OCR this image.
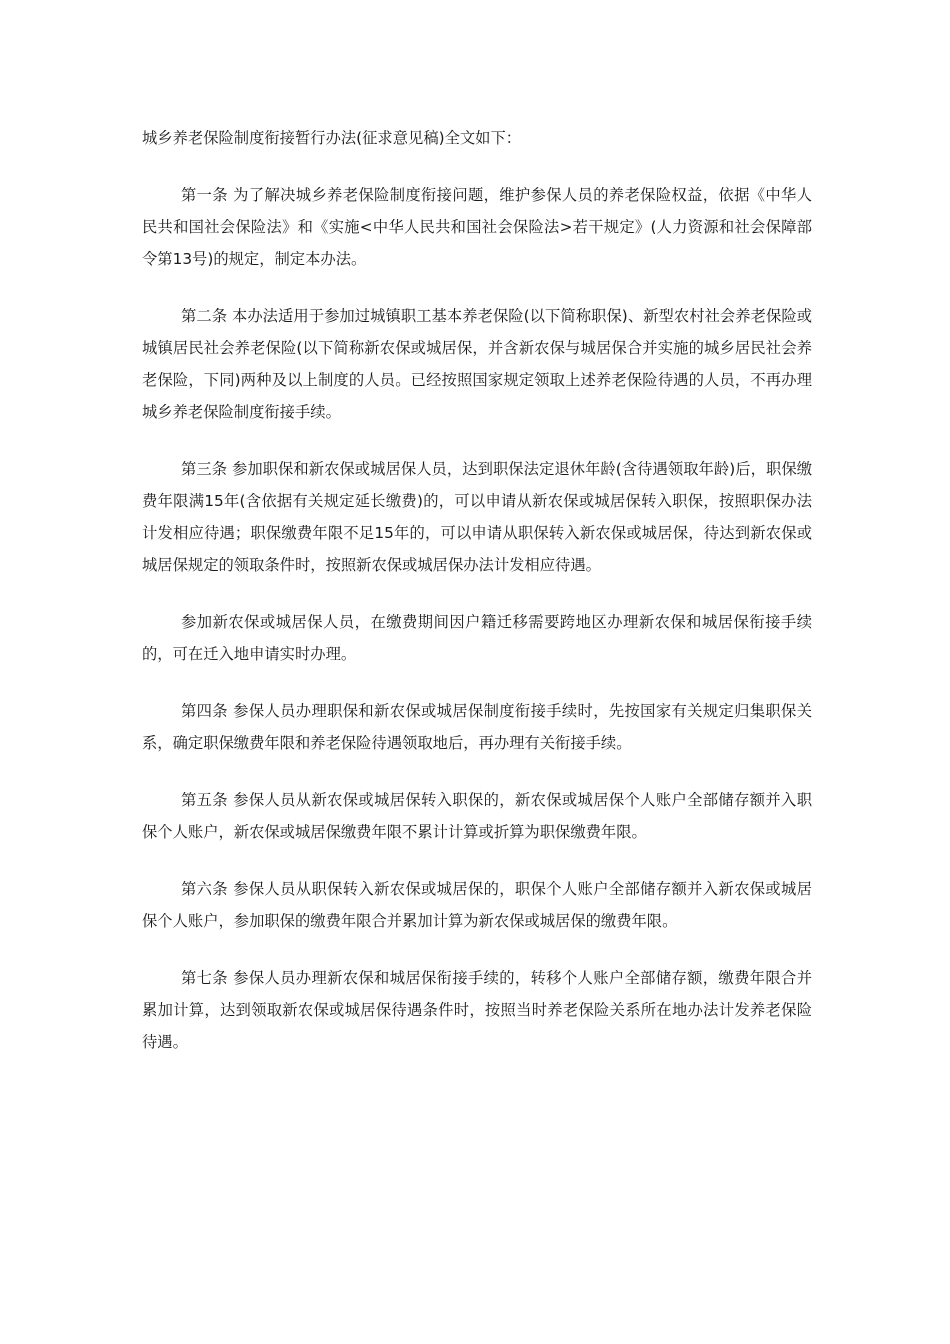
城乡养老保险制度衔接暂行办法(征求意见稿)全文如下：

第一条 为了解决城乡养老保险制度衔接问题，维护参保人员的养老保险权益，依据《中华人民共和国社会保险法》和《实施<中华人民共和国社会保险法>若干规定》(人力资源和社会保障部令第13号)的规定，制定本办法。

第二条 本办法适用于参加过城镇职工基本养老保险(以下简称职保)、新型农村社会养老保险或城镇居民社会养老保险(以下简称新农保或城居保，并含新农保与城居保合并实施的城乡居民社会养老保险，下同)两种及以上制度的人员。已经按照国家规定领取上述养老保险待遇的人员，不再办理城乡养老保险制度衔接手续。

第三条 参加职保和新农保或城居保人员，达到职保法定退休年龄(含待遇领取年龄)后，职保缴费年限满15年(含依据有关规定延长缴费)的，可以申请从新农保或城居保转入职保，按照职保办法计发相应待遇；职保缴费年限不足15年的，可以申请从职保转入新农保或城居保，待达到新农保或城居保规定的领取条件时，按照新农保或城居保办法计发相应待遇。

参加新农保或城居保人员，在缴费期间因户籍迁移需要跨地区办理新农保和城居保衔接手续的，可在迁入地申请实时办理。

第四条 参保人员办理职保和新农保或城居保制度衔接手续时，先按国家有关规定归集职保关系，确定职保缴费年限和养老保险待遇领取地后，再办理有关衔接手续。

第五条 参保人员从新农保或城居保转入职保的，新农保或城居保个人账户全部储存额并入职保个人账户，新农保或城居保缴费年限不累计计算或折算为职保缴费年限。

第六条 参保人员从职保转入新农保或城居保的，职保个人账户全部储存额并入新农保或城居保个人账户，参加职保的缴费年限合并累加计算为新农保或城居保的缴费年限。

第七条 参保人员办理新农保和城居保衔接手续的，转移个人账户全部储存额，缴费年限合并累加计算，达到领取新农保或城居保待遇条件时，按照当时养老保险关系所在地办法计发养老保险待遇。
